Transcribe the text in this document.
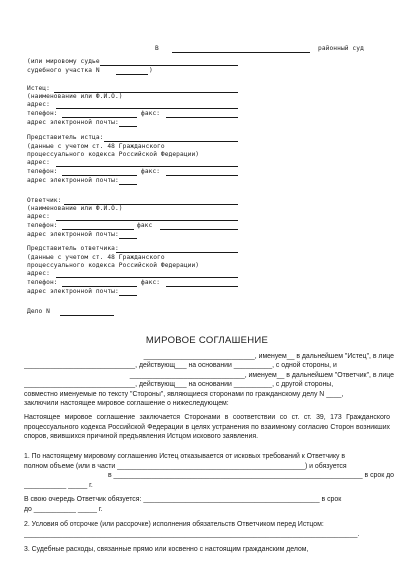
В	районный суд
(или мировому судье
судебного участка N	)
Истец:
(наименование или Ф.И.О.)
адрес:
телефон:	факс:
адрес электронной почты:
Представитель истца:
(данные с учетом ст. 48 Гражданского
процессуального кодекса Российской Федерации)
адрес:
телефон:	факс:
адрес электронной почты:
Ответчик:
(наименование или Ф.И.О.)
адрес:
телефон:	факс
адрес электронной почты:
Представитель ответчика:
(данные с учетом ст. 48 Гражданского
процессуального кодекса Российской Федерации)
адрес:
телефон:	факс:
адрес электронной почты:
Дело N
МИРОВОЕ СОГЛАШЕНИЕ
_____________________________, именуем__ в дальнейшем "Истец", в лице
_____________________________, действующ___ на основании __________, с одной стороны, и
______________________________, именуем__ в дальнейшем "Ответчик", в лице
_____________________________, действующ___ на основании __________, с другой стороны,
совместно именуемые по тексту "Стороны", являющиеся сторонами по гражданскому делу N ____,
заключили настоящее мировое соглашение о нижеследующем:
Настоящее мировое соглашение заключается Сторонами в соответствии со ст. ст. 39, 173 Гражданского процессуального кодекса Российской Федерации в целях устранения по взаимному согласию Сторон возникших споров, явившихся причиной предъявления Истцом искового заявления.
1. По настоящему мировому соглашению Истец отказывается от исковых требований к Ответчику в
полном объеме (или в части _________________________________________________) и обязуется
в _________________________________________________________________ в срок до
___________ _____ г.
В свою очередь Ответчик обязуется: ______________________________________________ в срок
до ___________ _____ г.
2. Условия об отсрочке (или рассрочке) исполнения обязательств Ответчиком перед Истцом:
_______________________________________________________________________________________.
3. Судебные расходы, связанные прямо или косвенно с настоящим гражданским делом,
